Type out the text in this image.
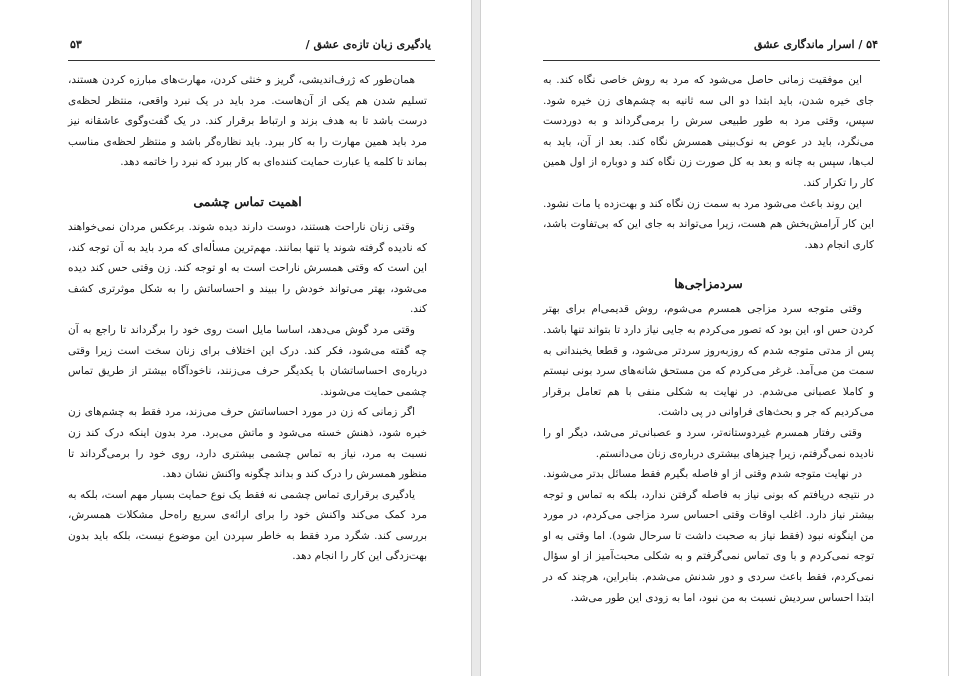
یادگیری زبان تازه‌ی عشق /
۵۳

همان‌طور که ژرف‌اندیشی، گریز و خنثی کردن، مهارت‌های مبارزه کردن هستند، تسلیم شدن هم یکی از آن‌هاست. مرد باید در یک نبرد واقعی، منتظر لحظه‌ی درست باشد تا به هدف بزند و ارتباط برقرار کند. در یک گفت‌وگوی عاشقانه نیز مرد باید همین مهارت را به کار ببرد. باید نظاره‌گر باشد و منتظر لحظه‌ی مناسب بماند تا کلمه یا عبارت حمایت کننده‌ای به کار ببرد که نبرد را خاتمه دهد.

اهمیت تماس چشمی

وقتی زنان ناراحت هستند، دوست دارند دیده شوند. برعکس مردان نمی‌خواهند که نادیده گرفته شوند یا تنها بمانند. مهم‌ترین مسأله‌ای که مرد باید به آن توجه کند، این است که وقتی همسرش ناراحت است به او توجه کند. زن وقتی حس کند دیده می‌شود، بهتر می‌تواند خودش را ببیند و احساساتش را به شکل موثرتری کشف کند.

وقتی مرد گوش می‌دهد، اساسا مایل است روی خود را برگرداند تا راجع به آن چه گفته می‌شود، فکر کند. درک این اختلاف برای زنان سخت است زیرا وقتی درباره‌ی احساساتشان با یکدیگر حرف می‌زنند، ناخودآگاه بیشتر از طریق تماس چشمی حمایت می‌شوند.

اگر زمانی که زن در مورد احساساتش حرف می‌زند، مرد فقط به چشم‌های زن خیره شود، ذهنش خسته می‌شود و ماتش می‌برد. مرد بدون اینکه درک کند زن نسبت به مرد، نیاز به تماس چشمی بیشتری دارد، روی خود را برمی‌گرداند تا منظور همسرش را درک کند و بداند چگونه واکنش نشان دهد.

یادگیری برقراری تماس چشمی نه فقط یک نوع حمایت بسیار مهم است، بلکه به مرد کمک می‌کند واکنش خود را برای ارائه‌ی سریع راه‌حل مشکلات همسرش، بررسی کند. شگرد مرد فقط به خاطر سپردن این موضوع نیست، بلکه باید بدون بهت‌زدگی این کار را انجام دهد.

۵۴ / اسرار ماندگاری عشق

این موفقیت زمانی حاصل می‌شود که مرد به روش خاصی نگاه کند. به جای خیره شدن، باید ابتدا دو الی سه ثانیه به چشم‌های زن خیره شود. سپس، وقتی مرد به طور طبیعی سرش را برمی‌گرداند و به دوردست می‌نگرد، باید در عوض به نوک‌بینی همسرش نگاه کند. بعد از آن، باید به لب‌ها، سپس به چانه و بعد به کل صورت زن نگاه کند و دوباره از اول همین کار را تکرار کند.

این روند باعث می‌شود مرد به سمت زن نگاه کند و بهت‌زده یا مات نشود. این کار آرامش‌بخش هم هست، زیرا می‌تواند به جای این که بی‌تفاوت باشد، کاری انجام دهد.

سردمزاجی‌ها

وقتی متوجه سرد مزاجی همسرم می‌شوم، روش قدیمی‌ام برای بهتر کردن حس او، این بود که تصور می‌کردم به جایی نیاز دارد تا بتواند تنها باشد. پس از مدتی متوجه شدم که روزبه‌روز سردتر می‌شود، و قطعا یخبندانی به سمت من می‌آمد. غرغر می‌کردم که من مستحق شانه‌های سرد بونی نیستم و کاملا عصبانی می‌شدم. در نهایت به شکلی منفی با هم تعامل برقرار می‌کردیم که جر و بحث‌های فراوانی در پی داشت.

وقتی رفتار همسرم غیردوستانه‌تر، سرد و عصبانی‌تر می‌شد، دیگر او را نادیده نمی‌گرفتم، زیرا چیزهای بیشتری درباره‌ی زنان می‌دانستم.

در نهایت متوجه شدم وقتی از او فاصله بگیرم فقط مسائل بدتر می‌شوند. در نتیجه دریافتم که بونی نیاز به فاصله گرفتن ندارد، بلکه به تماس و توجه بیشتر نیاز دارد. اغلب اوقات وقتی احساس سرد مزاجی می‌کردم، در مورد من اینگونه نبود (فقط نیاز به صحبت داشت تا سرحال شود). اما وقتی به او توجه نمی‌کردم و با وی تماس نمی‌گرفتم و به شکلی محبت‌آمیز از او سؤال نمی‌کردم، فقط باعث سردی و دور شدنش می‌شدم. بنابراین، هرچند که در ابتدا احساس سردیش نسبت به من نبود، اما به زودی این طور می‌شد.
